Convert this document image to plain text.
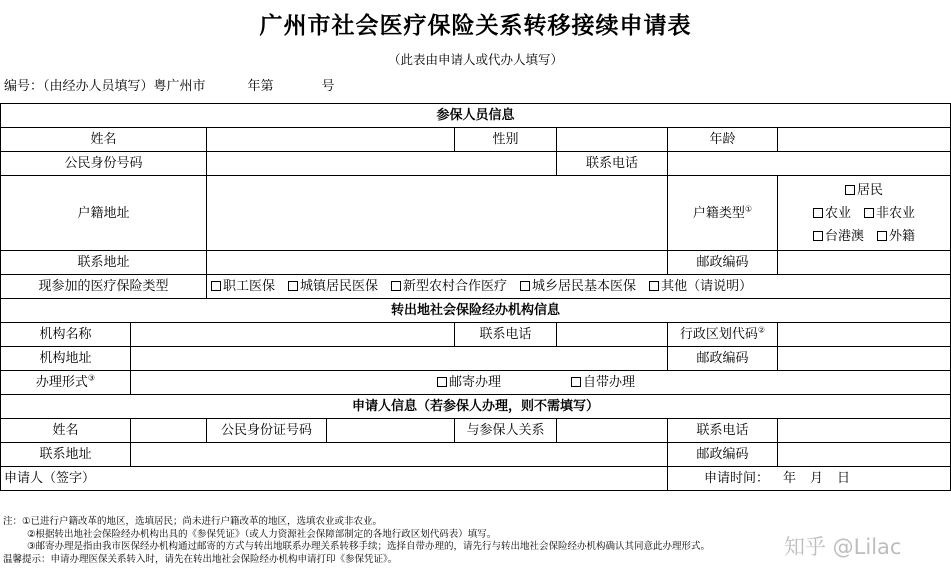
广州市社会医疗保险关系转移接续申请表
（此表由申请人或代办人填写）
编号：（由经办人员填写）粤广州市	年第	号
参保人员信息							
姓名				性别		年龄	
公民身份号码					联系电话		
户籍地址						户籍类型①	居民
农业 非农业
台港澳 外籍

联系地址						邮政编码	
现参加的医疗保险类型		职工医保 城镇居民医保 新型农村合作医疗 城乡居民基本医保 其他（请说明）					
转出地社会保险经办机构信息							
机构名称				联系电话		行政区划代码②	
机构地址						邮政编码	
办理形式③	邮寄办理 自带办理						
申请人信息（若参保人办理，则不需填写）							
姓名		公民身份证号码		与参保人关系		联系电话	
联系地址						邮政编码	
申请人（签字）						申请时间： 年 月 日	
注：①已进行户籍改革的地区，选填居民；尚未进行户籍改革的地区，选填农业或非农业。
②根据转出地社会保险经办机构出具的《参保凭证》（或人力资源社会保障部制定的各地行政区划代码表）填写。
③邮寄办理是指由我市医保经办机构通过邮寄的方式与转出地联系办理关系转移手续；选择自带办理的，请先行与转出地社会保险经办机构确认其同意此办理形式。
温馨提示：申请办理医保关系转入时，请先在转出地社会保险经办机构申请打印《参保凭证》。	知乎 @Lilac
